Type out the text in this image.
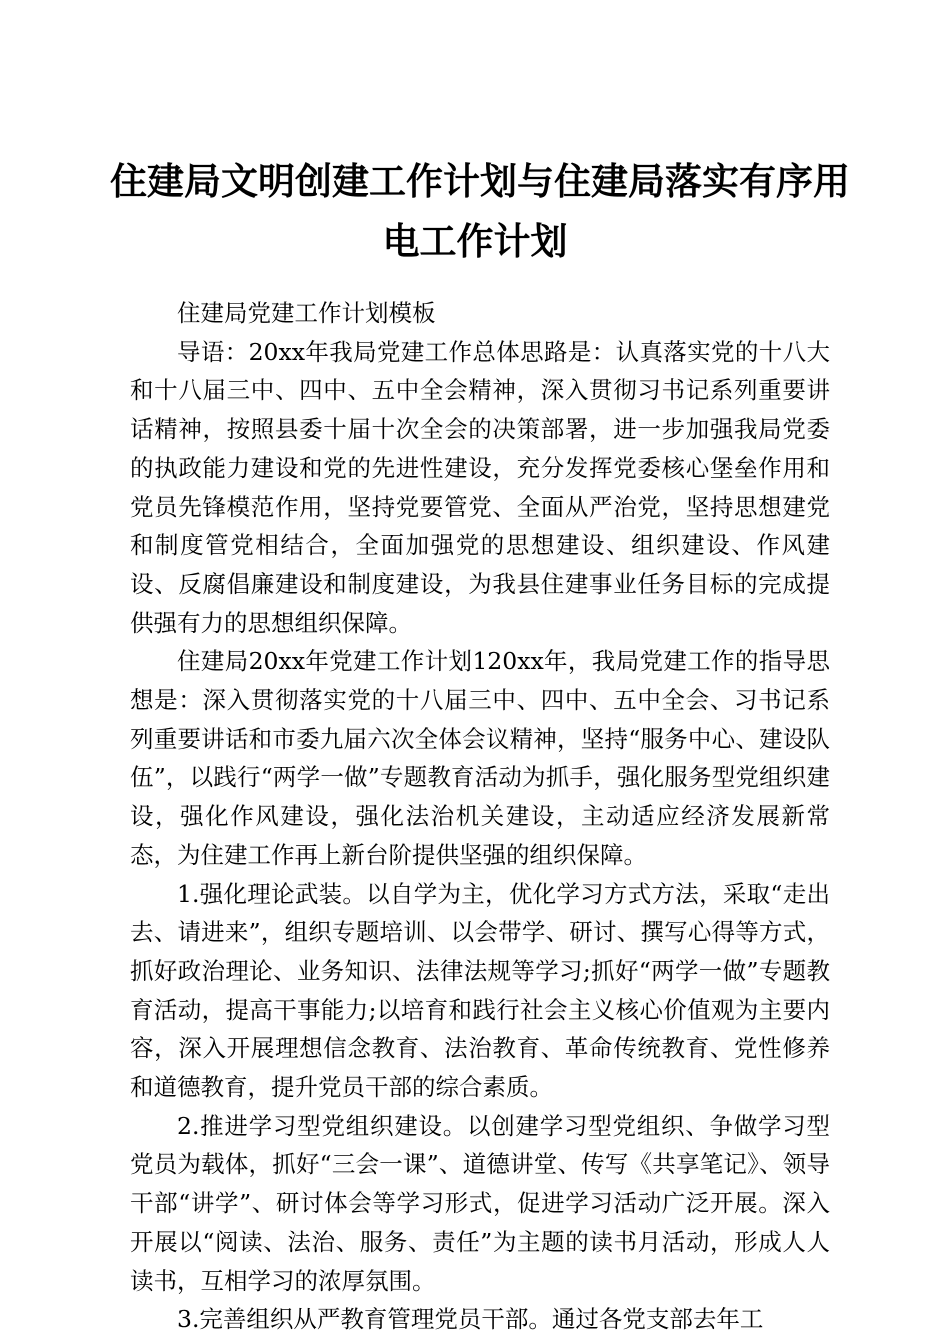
住建局文明创建工作计划与住建局落实有序用
电工作计划

住建局党建工作计划模板

导语：20xx年我局党建工作总体思路是：认真落实党的十八大和十八届三中、四中、五中全会精神，深入贯彻习书记系列重要讲话精神，按照县委十届十次全会的决策部署，进一步加强我局党委的执政能力建设和党的先进性建设，充分发挥党委核心堡垒作用和党员先锋模范作用，坚持党要管党、全面从严治党，坚持思想建党和制度管党相结合，全面加强党的思想建设、组织建设、作风建设、反腐倡廉建设和制度建设，为我县住建事业任务目标的完成提供强有力的思想组织保障。

住建局20xx年党建工作计划120xx年，我局党建工作的指导思想是：深入贯彻落实党的十八届三中、四中、五中全会、习书记系列重要讲话和市委九届六次全体会议精神，坚持“服务中心、建设队伍”，以践行“两学一做”专题教育活动为抓手，强化服务型党组织建设，强化作风建设，强化法治机关建设，主动适应经济发展新常态，为住建工作再上新台阶提供坚强的组织保障。

1.强化理论武装。以自学为主，优化学习方式方法，采取“走出去、请进来”，组织专题培训、以会带学、研讨、撰写心得等方式，抓好政治理论、业务知识、法律法规等学习;抓好“两学一做”专题教育活动，提高干事能力;以培育和践行社会主义核心价值观为主要内容，深入开展理想信念教育、法治教育、革命传统教育、党性修养和道德教育，提升党员干部的综合素质。

2.推进学习型党组织建设。以创建学习型党组织、争做学习型党员为载体，抓好“三会一课”、道德讲堂、传写《共享笔记》、领导干部“讲学”、研讨体会等学习形式，促进学习活动广泛开展。深入开展以“阅读、法治、服务、责任”为主题的读书月活动，形成人人读书，互相学习的浓厚氛围。

3.完善组织从严教育管理党员干部。通过各党支部去年工
